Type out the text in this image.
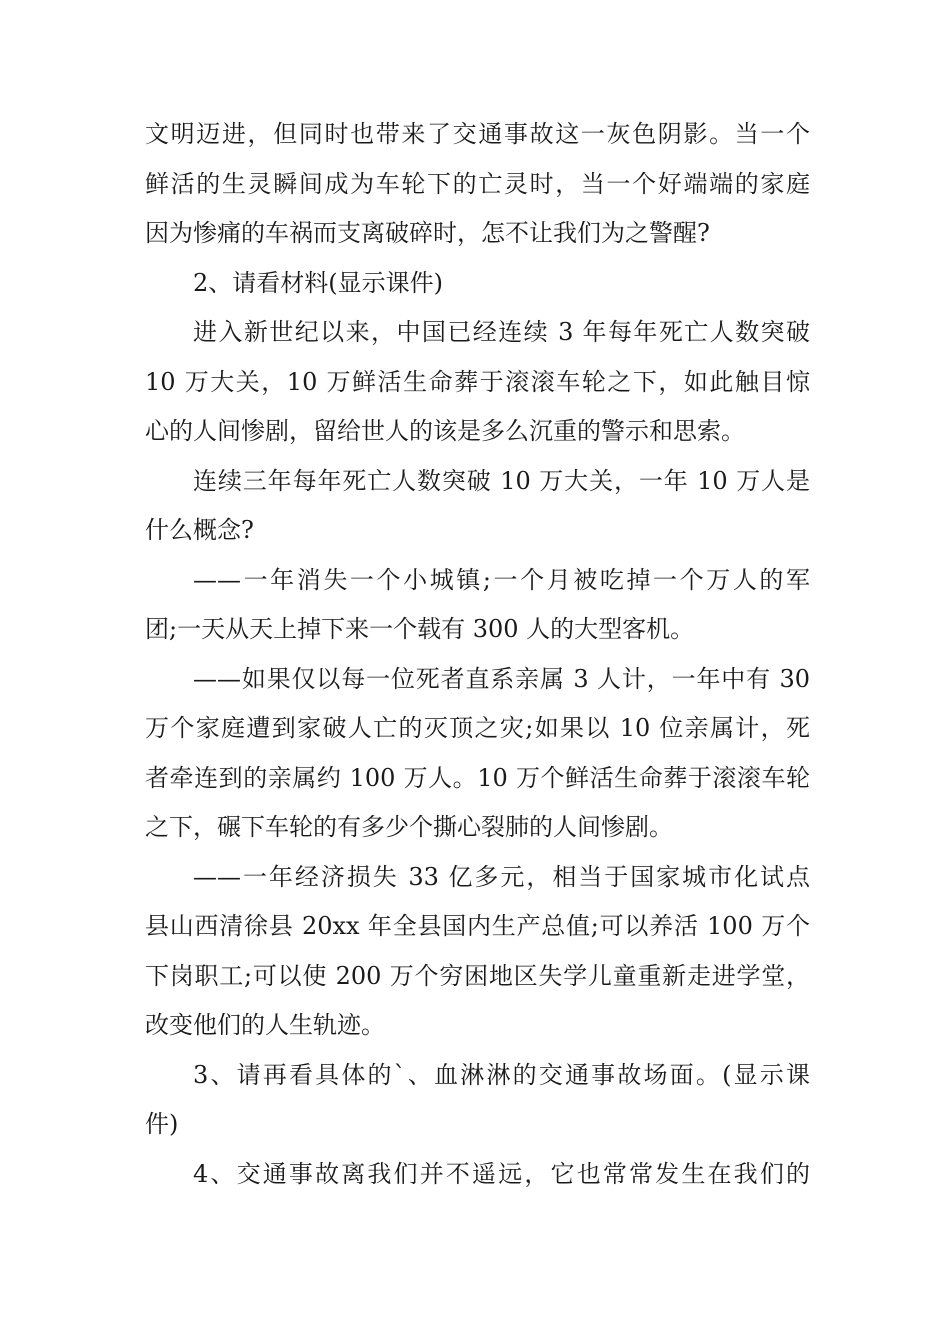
文明迈进，但同时也带来了交通事故这一灰色阴影。当一个
鲜活的生灵瞬间成为车轮下的亡灵时，当一个好端端的家庭
因为惨痛的车祸而支离破碎时，怎不让我们为之警醒?
2、请看材料(显示课件)
进入新世纪以来，中国已经连续 3 年每年死亡人数突破
10 万大关，10 万鲜活生命葬于滚滚车轮之下，如此触目惊
心的人间惨剧，留给世人的该是多么沉重的警示和思索。
连续三年每年死亡人数突破 10 万大关，一年 10 万人是
什么概念?
——一年消失一个小城镇;一个月被吃掉一个万人的军
团;一天从天上掉下来一个载有 300 人的大型客机。
——如果仅以每一位死者直系亲属 3 人计，一年中有 30
万个家庭遭到家破人亡的灭顶之灾;如果以 10 位亲属计，死
者牵连到的亲属约 100 万人。10 万个鲜活生命葬于滚滚车轮
之下，碾下车轮的有多少个撕心裂肺的人间惨剧。
——一年经济损失 33 亿多元，相当于国家城市化试点
县山西清徐县 20xx 年全县国内生产总值;可以养活 100 万个
下岗职工;可以使 200 万个穷困地区失学儿童重新走进学堂，
改变他们的人生轨迹。
3、请再看具体的`、血淋淋的交通事故场面。(显示课
件)
4、交通事故离我们并不遥远，它也常常发生在我们的
